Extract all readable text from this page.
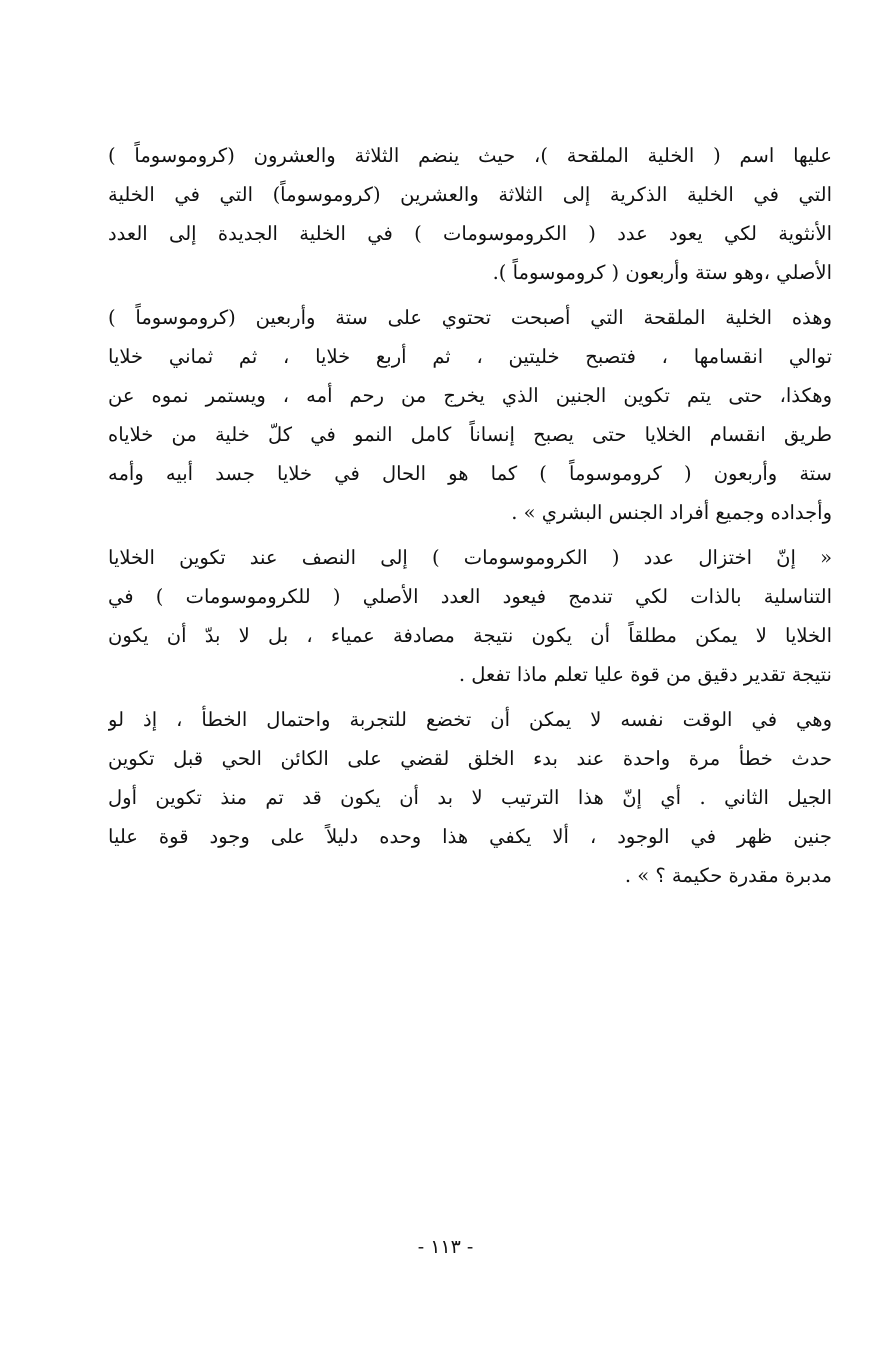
عليها اسم ( الخلية الملقحة )، حيث ينضم الثلاثة والعشرون (كروموسوماً )
التي في الخلية الذكرية إلى الثلاثة والعشرين (كروموسوماً) التي في الخلية
الأنثوية لكي يعود عدد ( الكروموسومات ) في الخلية الجديدة إلى العدد
الأصلي ،وهو ستة وأربعون ( كروموسوماً ).
وهذه الخلية الملقحة التي أصبحت تحتوي على ستة وأربعين (كروموسوماً )
توالي انقسامها ، فتصبح خليتين ، ثم أربع خلايا ، ثم ثماني خلايا
وهكذا، حتى يتم تكوين الجنين الذي يخرج من رحم أمه ، ويستمر نموه عن
طريق انقسام الخلايا حتى يصبح إنساناً كامل النمو في كلّ خلية من خلاياه
ستة وأربعون ( كروموسوماً ) كما هو الحال في خلايا جسد أبيه وأمه
وأجداده وجميع أفراد الجنس البشري » .
« إنّ اختزال عدد ( الكروموسومات ) إلى النصف عند تكوين الخلايا
التناسلية بالذات لكي تندمج فيعود العدد الأصلي ( للكروموسومات ) في
الخلايا لا يمكن مطلقاً أن يكون نتيجة مصادفة عمياء ، بل لا بدّ أن يكون
نتيجة تقدير دقيق من قوة عليا تعلم ماذا تفعل .
وهي في الوقت نفسه لا يمكن أن تخضع للتجربة واحتمال الخطأ ، إذ لو
حدث خطأ مرة واحدة عند بدء الخلق لقضي على الكائن الحي قبل تكوين
الجيل الثاني . أي إنّ هذا الترتيب لا بد أن يكون قد تم منذ تكوين أول
جنين ظهر في الوجود ، ألا يكفي هذا وحده دليلاً على وجود قوة عليا
مدبرة مقدرة حكيمة ؟ » .
- ١١٣ -
